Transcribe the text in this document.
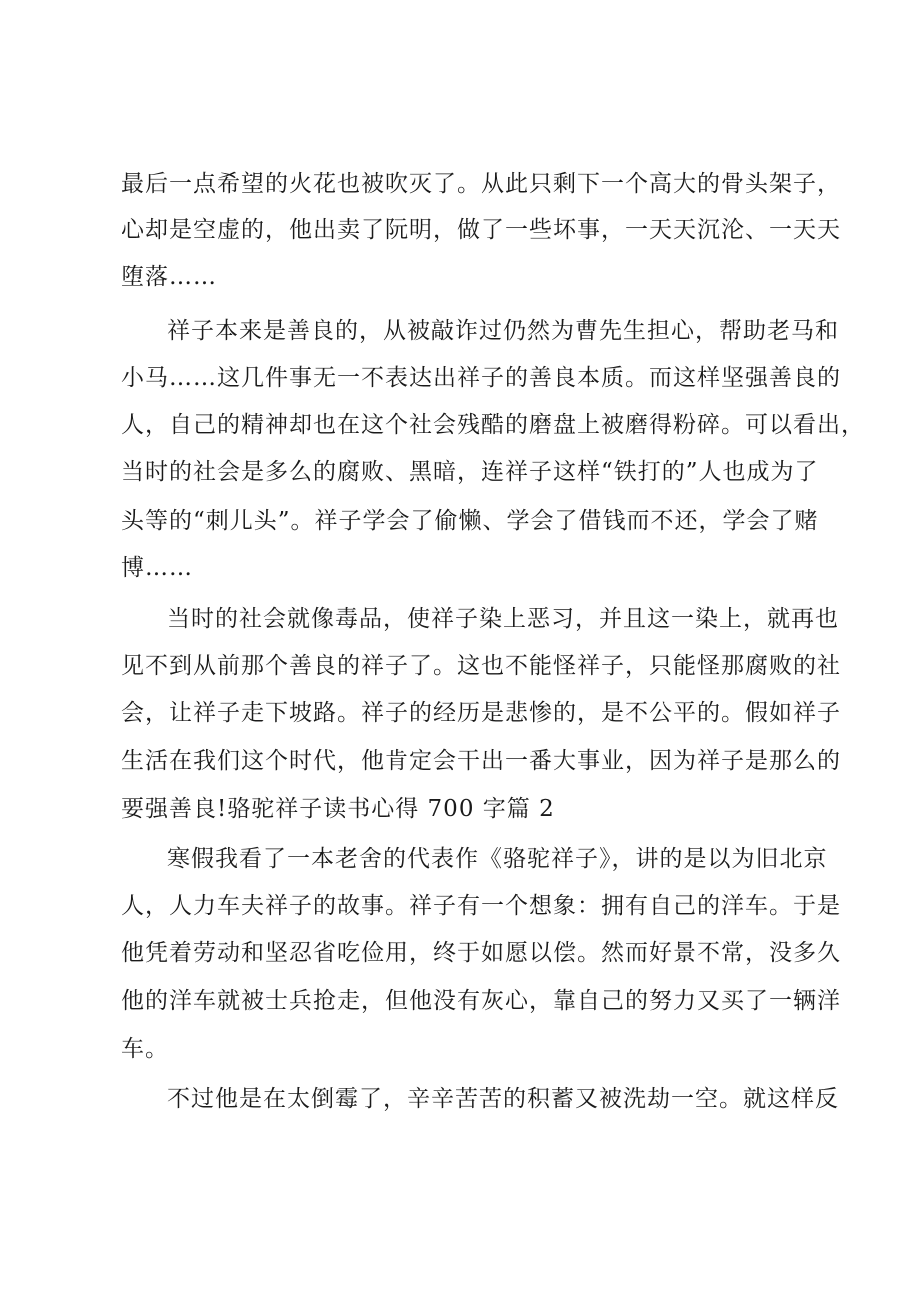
最后一点希望的火花也被吹灭了。从此只剩下一个高大的骨头架子，
心却是空虚的，他出卖了阮明，做了一些坏事，一天天沉沦、一天天
堕落……
祥子本来是善良的，从被敲诈过仍然为曹先生担心，帮助老马和
小马……这几件事无一不表达出祥子的善良本质。而这样坚强善良的
人，自己的精神却也在这个社会残酷的磨盘上被磨得粉碎。可以看出，
当时的社会是多么的腐败、黑暗，连祥子这样“铁打的”人也成为了
头等的“刺儿头”。祥子学会了偷懒、学会了借钱而不还，学会了赌
博……
当时的社会就像毒品，使祥子染上恶习，并且这一染上，就再也
见不到从前那个善良的祥子了。这也不能怪祥子，只能怪那腐败的社
会，让祥子走下坡路。祥子的经历是悲惨的，是不公平的。假如祥子
生活在我们这个时代，他肯定会干出一番大事业，因为祥子是那么的
要强善良!骆驼祥子读书心得 700 字篇 2
寒假我看了一本老舍的代表作《骆驼祥子》，讲的是以为旧北京
人，人力车夫祥子的故事。祥子有一个想象：拥有自己的洋车。于是
他凭着劳动和坚忍省吃俭用，终于如愿以偿。然而好景不常，没多久
他的洋车就被士兵抢走，但他没有灰心，靠自己的努力又买了一辆洋
车。
不过他是在太倒霉了，辛辛苦苦的积蓄又被洗劫一空。就这样反
